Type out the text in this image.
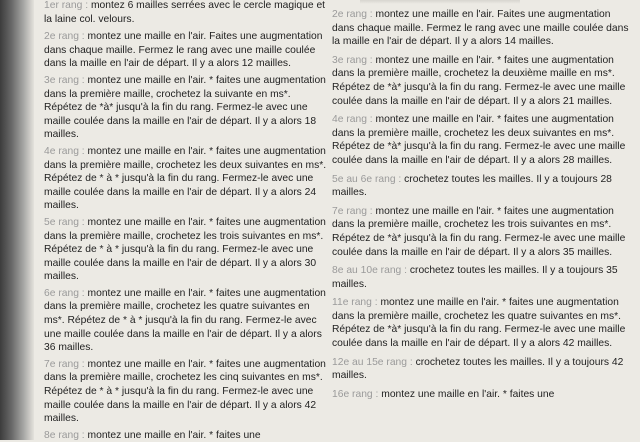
1er rang : montez 6 mailles serrées avec le cercle magique et la laine col. velours.

2e rang : montez une maille en l'air. Faites une augmentation dans chaque maille. Fermez le rang avec une maille coulée dans la maille en l'air de départ. Il y a alors 12 mailles.

3e rang : montez une maille en l'air. * faites une augmentation dans la première maille, crochetez la suivante en ms*. Répétez de *à* jusqu'à la fin du rang. Fermez-le avec une maille coulée dans la maille en l'air de départ. Il y a alors 18 mailles.

4e rang : montez une maille en l'air. * faites une augmentation dans la première maille, crochetez les deux suivantes en ms*. Répétez de * à * jusqu'à la fin du rang. Fermez-le avec une maille coulée dans la maille en l'air de départ. Il y a alors 24 mailles.

5e rang : montez une maille en l'air. * faites une augmentation dans la première maille, crochetez les trois suivantes en ms*. Répétez de * à * jusqu'à la fin du rang. Fermez-le avec une maille coulée dans la maille en l'air de départ. Il y a alors 30 mailles.

6e rang : montez une maille en l'air. * faites une augmentation dans la première maille, crochetez les quatre suivantes en ms*. Répétez de * à * jusqu'à la fin du rang. Fermez-le avec une maille coulée dans la maille en l'air de départ. Il y a alors 36 mailles.

7e rang : montez une maille en l'air. * faites une augmentation dans la première maille, crochetez les cinq suivantes en ms*. Répétez de * à * jusqu'à la fin du rang. Fermez-le avec une maille coulée dans la maille en l'air de départ. Il y a alors 42 mailles.

8e rang : montez une maille en l'air. * faites une

2e rang : montez une maille en l'air. Faites une augmentation dans chaque maille. Fermez le rang avec une maille coulée dans la maille en l'air de départ. Il y a alors 14 mailles.

3e rang : montez une maille en l'air. * faites une augmentation dans la première maille, crochetez la deuxième maille en ms*. Répétez de *à* jusqu'à la fin du rang. Fermez-le avec une maille coulée dans la maille en l'air de départ. Il y a alors 21 mailles.

4e rang : montez une maille en l'air. * faites une augmentation dans la première maille, crochetez les deux suivantes en ms*. Répétez de *à* jusqu'à la fin du rang. Fermez-le avec une maille coulée dans la maille en l'air de départ. Il y a alors 28 mailles.

5e au 6e rang : crochetez toutes les mailles. Il y a toujours 28 mailles.

7e rang : montez une maille en l'air. * faites une augmentation dans la première maille, crochetez les trois suivantes en ms*. Répétez de *à* jusqu'à la fin du rang. Fermez-le avec une maille coulée dans la maille en l'air de départ. Il y a alors 35 mailles.

8e au 10e rang : crochetez toutes les mailles. Il y a toujours 35 mailles.

11e rang : montez une maille en l'air. * faites une augmentation dans la première maille, crochetez les quatre suivantes en ms*. Répétez de *à* jusqu'à la fin du rang. Fermez-le avec une maille coulée dans la maille en l'air de départ. Il y a alors 42 mailles.

12e au 15e rang : crochetez toutes les mailles. Il y a toujours 42 mailles.

16e rang : montez une maille en l'air. * faites une
